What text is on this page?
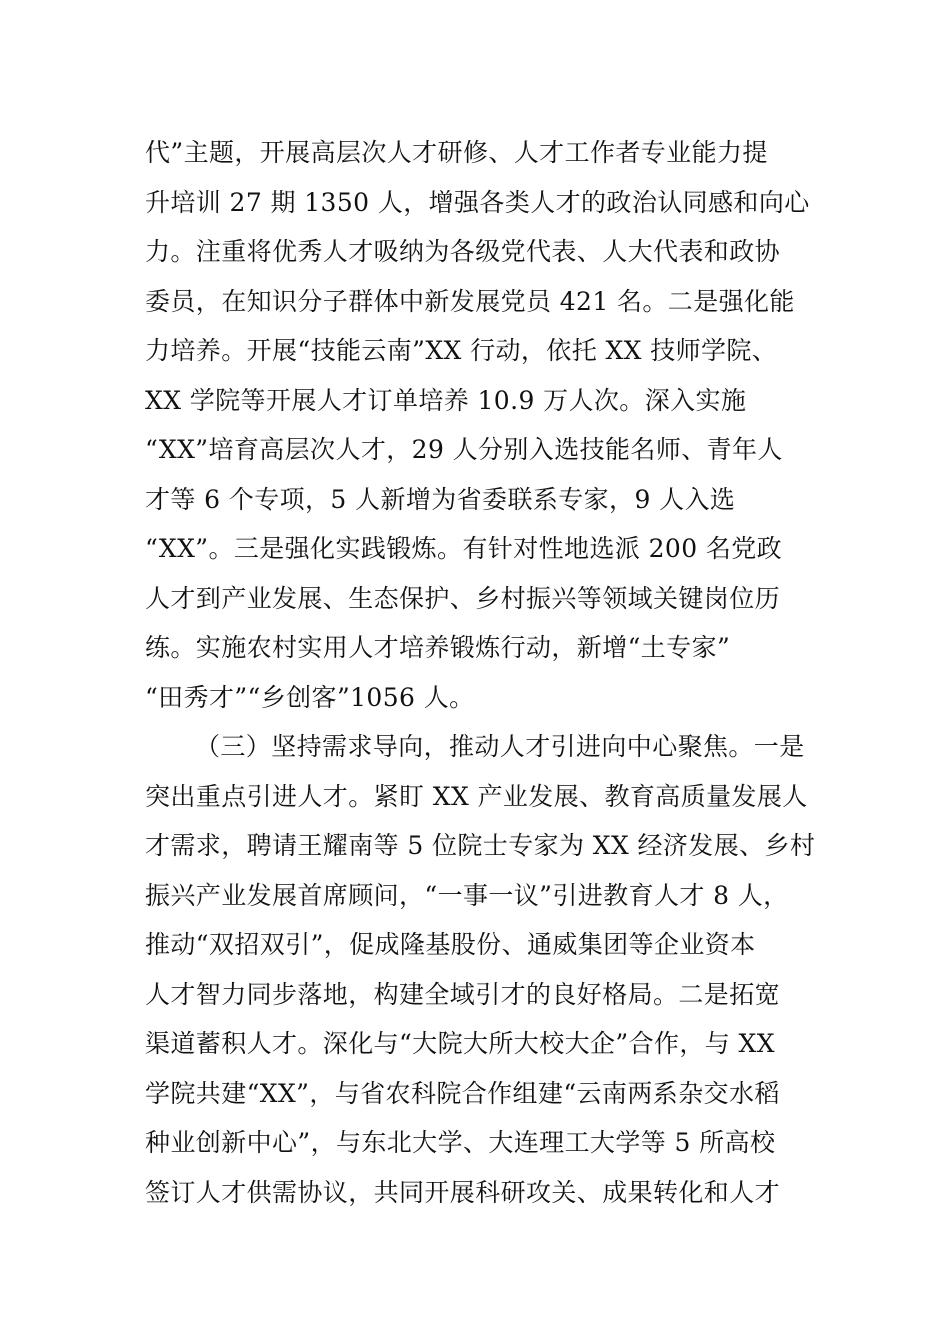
代”主题，开展高层次人才研修、人才工作者专业能力提
升培训 27 期 1350 人，增强各类人才的政治认同感和向心
力。注重将优秀人才吸纳为各级党代表、人大代表和政协
委员，在知识分子群体中新发展党员 421 名。二是强化能
力培养。开展“技能云南”XX 行动，依托 XX 技师学院、
XX 学院等开展人才订单培养 10.9 万人次。深入实施
“XX”培育高层次人才，29 人分别入选技能名师、青年人
才等 6 个专项，5 人新增为省委联系专家，9 人入选
“XX”。三是强化实践锻炼。有针对性地选派 200 名党政
人才到产业发展、生态保护、乡村振兴等领域关键岗位历
练。实施农村实用人才培养锻炼行动，新增“土专家”
“田秀才”“乡创客”1056 人。
（三）坚持需求导向，推动人才引进向中心聚焦。一是
突出重点引进人才。紧盯 XX 产业发展、教育高质量发展人
才需求，聘请王耀南等 5 位院士专家为 XX 经济发展、乡村
振兴产业发展首席顾问，“一事一议”引进教育人才 8 人，
推动“双招双引”，促成隆基股份、通威集团等企业资本
人才智力同步落地，构建全域引才的良好格局。二是拓宽
渠道蓄积人才。深化与“大院大所大校大企”合作，与 XX
学院共建“XX”，与省农科院合作组建“云南两系杂交水稻
种业创新中心”，与东北大学、大连理工大学等 5 所高校
签订人才供需协议，共同开展科研攻关、成果转化和人才
